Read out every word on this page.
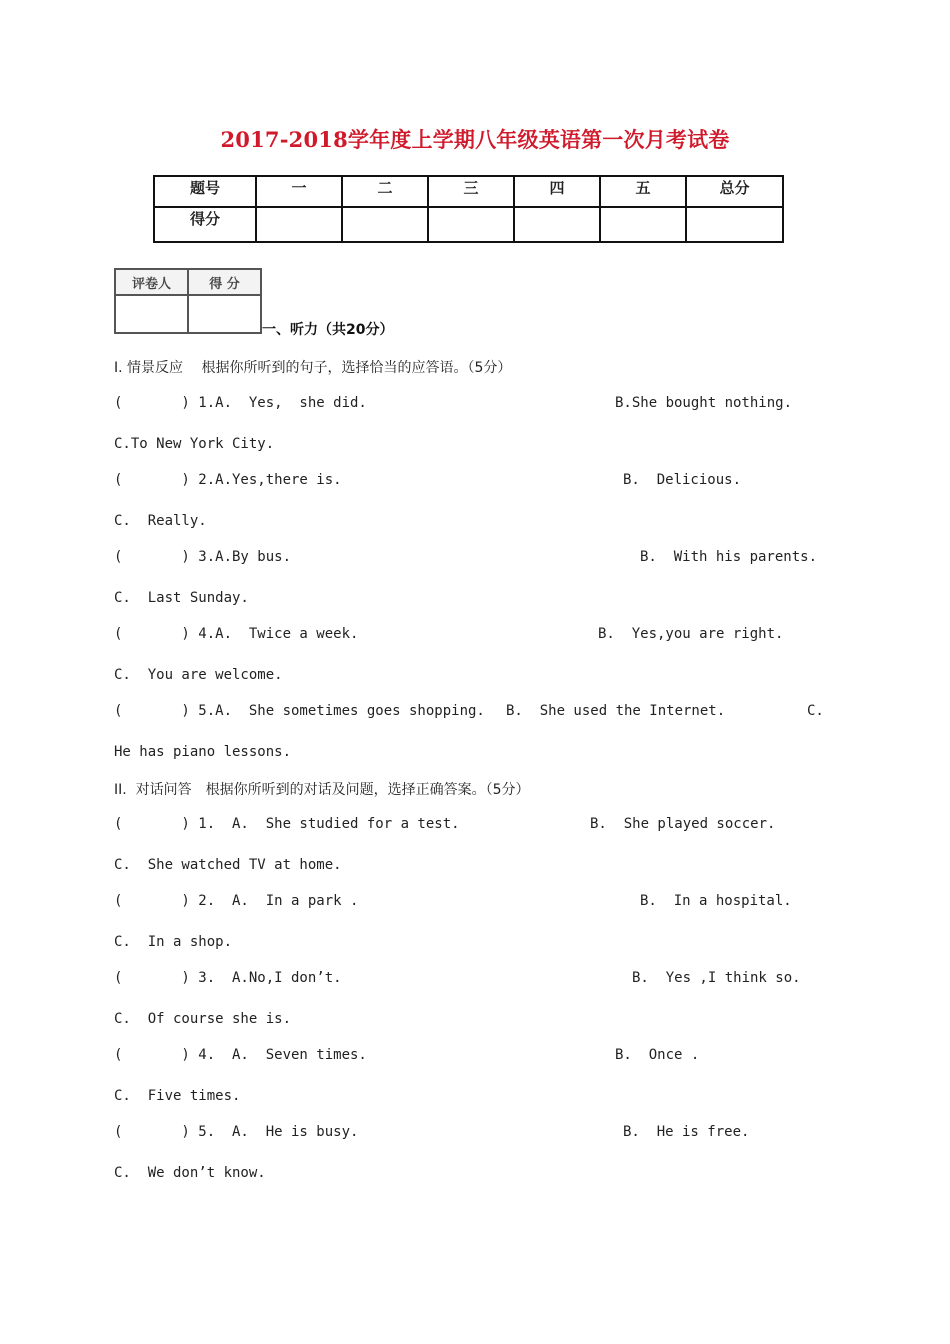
2017-2018学年度上学期八年级英语第一次月考试卷
题号	一	二	三	四	五	总分
得分						
评卷人	得 分

一、听力（共20分）
I. 情景反应　 根据你所听到的句子，选择恰当的应答语。（5分）
(       ) 1.A.  Yes,  she did.	B.She bought nothing.
C.To New York City.
(       ) 2.A.Yes,there is.	B.  Delicious.
C.  Really.
(       ) 3.A.By bus.	B.  With his parents.
C.  Last Sunday.
(       ) 4.A.  Twice a week.	B.  Yes,you are right.
C.  You are welcome.
(       ) 5.A.  She sometimes goes shopping. B.  She used the Internet.	C.
He has piano lessons.
II.  对话问答　根据你所听到的对话及问题，选择正确答案。（5分）
(       ) 1.  A.  She studied for a test.	B.  She played soccer.
C.  She watched TV at home.
(       ) 2.  A.  In a park .	B.  In a hospital.
C.  In a shop.
(       ) 3.  A.No,I don’t.	B.  Yes ,I think so.
C.  Of course she is.
(       ) 4.  A.  Seven times.	B.  Once .
C.  Five times.
(       ) 5.  A.  He is busy.	B.  He is free.
C.  We don’t know.
